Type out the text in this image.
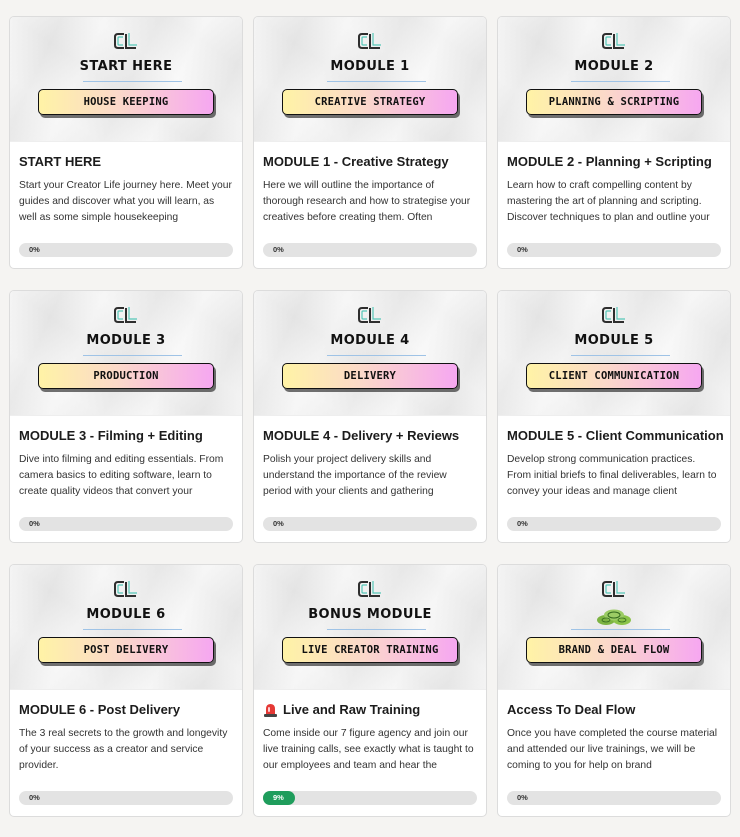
START HERE
HOUSE KEEPING
START HERE
Start your Creator Life journey here. Meet your guides and discover what you will learn, as well as some simple housekeeping
0%
MODULE 1
CREATIVE STRATEGY
MODULE 1 - Creative Strategy
Here we will outline the importance of thorough research and how to strategise your creatives before creating them. Often
0%
MODULE 2
PLANNING & SCRIPTING
MODULE 2 - Planning + Scripting
Learn how to craft compelling content by mastering the art of planning and scripting. Discover techniques to plan and outline your
0%
MODULE 3
PRODUCTION
MODULE 3 - Filming + Editing
Dive into filming and editing essentials. From camera basics to editing software, learn to create quality videos that convert your
0%
MODULE 4
DELIVERY
MODULE 4 - Delivery + Reviews
Polish your project delivery skills and understand the importance of the review period with your clients and gathering
0%
MODULE 5
CLIENT COMMUNICATION
MODULE 5 - Client Communication
Develop strong communication practices. From initial briefs to final deliverables, learn to convey your ideas and manage client
0%
MODULE 6
POST DELIVERY
MODULE 6 - Post Delivery
The 3 real secrets to the growth and longevity of your success as a creator and service provider.
0%
BONUS MODULE
LIVE CREATOR TRAINING
Live and Raw Training
Come inside our 7 figure agency and join our live training calls, see exactly what is taught to our employees and team and hear the
9%
BRAND & DEAL FLOW
Access To Deal Flow
Once you have completed the course material and attended our live trainings, we will be coming to you for help on brand
0%
